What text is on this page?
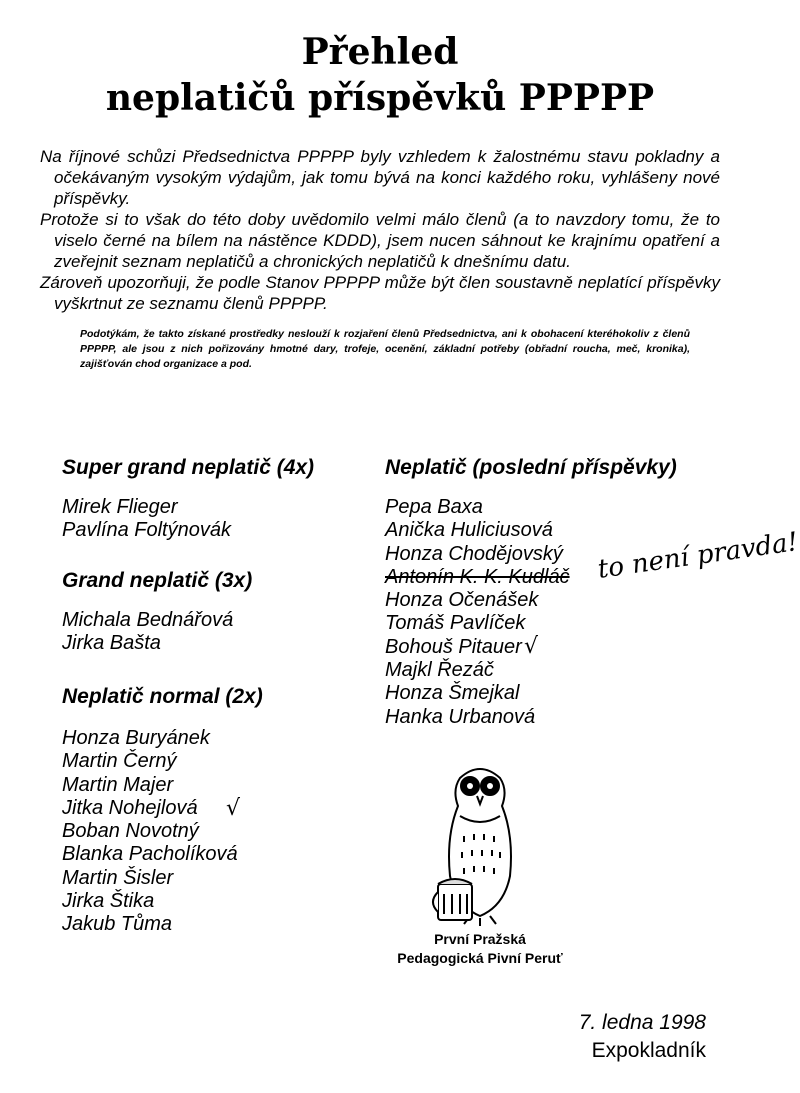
Přehled
neplatičů příspěvků PPPPP

Na říjnové schůzi Předsednictva PPPPP byly vzhledem k žalostnému stavu pokladny a očekávaným vysokým výdajům, jak tomu bývá na konci každého roku, vyhlášeny nové příspěvky.

Protože si to však do této doby uvědomilo velmi málo členů (a to navzdory tomu, že to viselo černé na bílem na nástěnce KDDD), jsem nucen sáhnout ke krajnímu opatření a zveřejnit seznam neplatičů a chronických neplatičů k dnešnímu datu.

Zároveň upozorňuji, že podle Stanov PPPPP může být člen soustavně neplatící příspěvky vyškrtnut ze seznamu členů PPPPP.

Podotýkám, že takto získané prostředky neslouží k rozjaření členů Předsednictva, ani k obohacení kteréhokoliv z členů PPPPP, ale jsou z nich pořizovány hmotné dary, trofeje, ocenění, základní potřeby (obřadní roucha, meč, kronika), zajišťován chod organizace a pod.
Super grand neplatič (4x)
Mirek Flieger
Pavlína Foltýnovák
Grand neplatič (3x)
Michala Bednářová
Jirka Bašta
Neplatič normal (2x)
Honza Buryánek
Martin Černý
Martin Majer
Jitka Nohejlová
Boban Novotný
Blanka Pacholíková
Martin Šisler
Jirka Štika
Jakub Tůma
√
Neplatič (poslední příspěvky)
Pepa Baxa
Anička Huliciusová
Honza Chodějovský
Antonín K. K. Kudláč
Honza Očenášek
Tomáš Pavlíček
Bohouš Pitauer
Majkl Řezáč
Honza Šmejkal
Hanka Urbanová
√
to není pravda!
První Pražská
Pedagogická Pivní Peruť
7. ledna 1998
Expokladník
